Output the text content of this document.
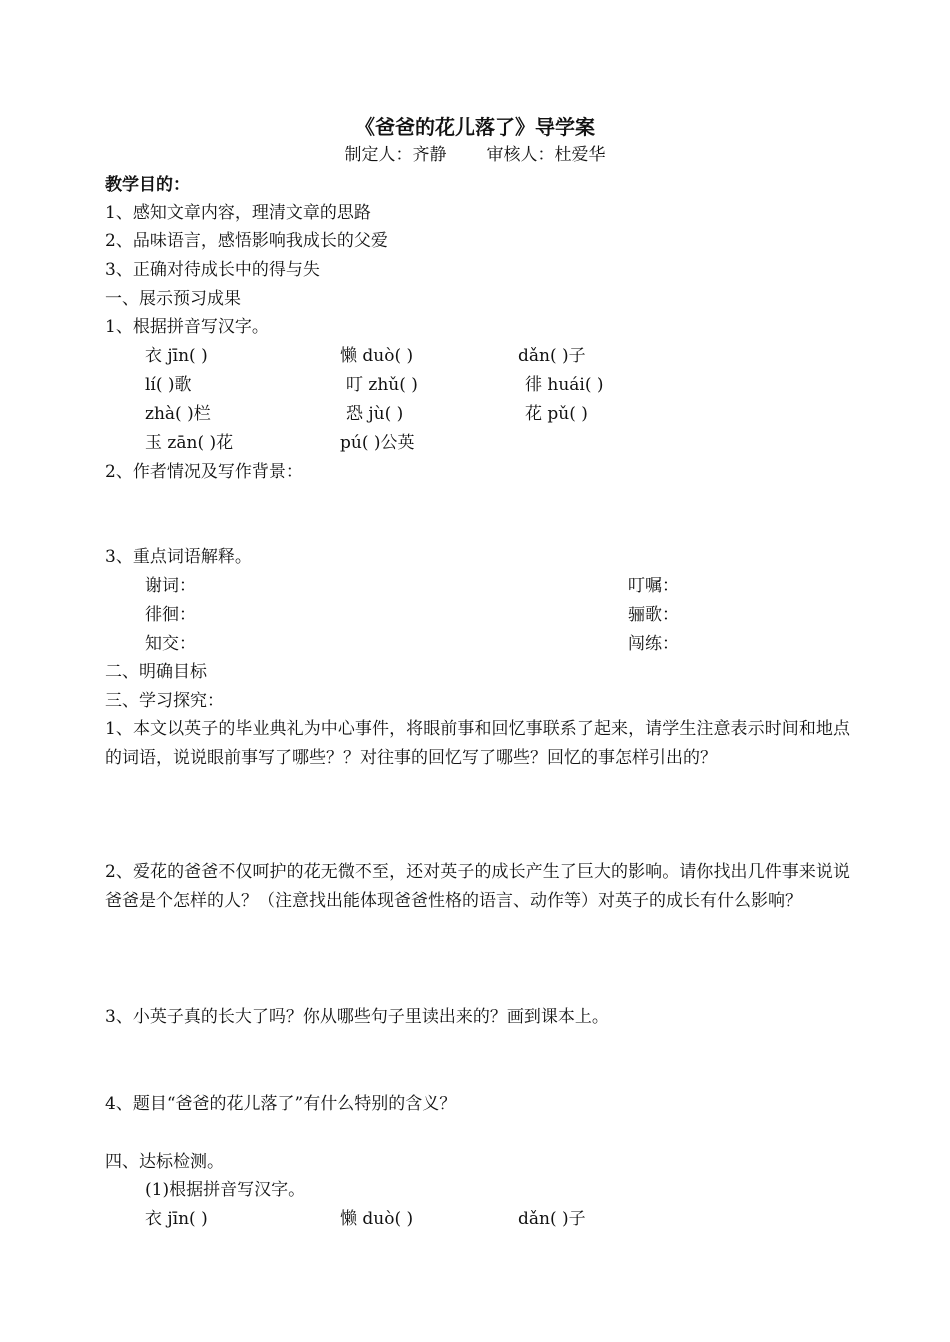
《爸爸的花儿落了》导学案
制定人：齐静 审核人：杜爱华
教学目的：
1、感知文章内容，理清文章的思路
2、品味语言，感悟影响我成长的父爱
3、正确对待成长中的得与失
一、展示预习成果
1、根据拼音写汉字。
衣 jīn( )	懒 duò( )	dǎn( )子
lí( )歌	叮 zhǔ( )	徘 huái( )
zhà( )栏	恐 jù( )	花 pǔ( )
玉 zān( )花	pú( )公英
2、作者情况及写作背景：
3、重点词语解释。
谢词：	叮嘱：
徘徊：	骊歌：
知交：	闯练：
二、明确目标
三、学习探究：
1、本文以英子的毕业典礼为中心事件，将眼前事和回忆事联系了起来，请学生注意表示时间和地点的词语，说说眼前事写了哪些？？对往事的回忆写了哪些？回忆的事怎样引出的？
2、爱花的爸爸不仅呵护的花无微不至，还对英子的成长产生了巨大的影响。请你找出几件事来说说爸爸是个怎样的人？（注意找出能体现爸爸性格的语言、动作等）对英子的成长有什么影响？
3、小英子真的长大了吗？你从哪些句子里读出来的？画到课本上。
4、题目“爸爸的花儿落了”有什么特别的含义？
四、达标检测。
(1)根据拼音写汉字。
衣 jīn( )	懒 duò( )	dǎn( )子
